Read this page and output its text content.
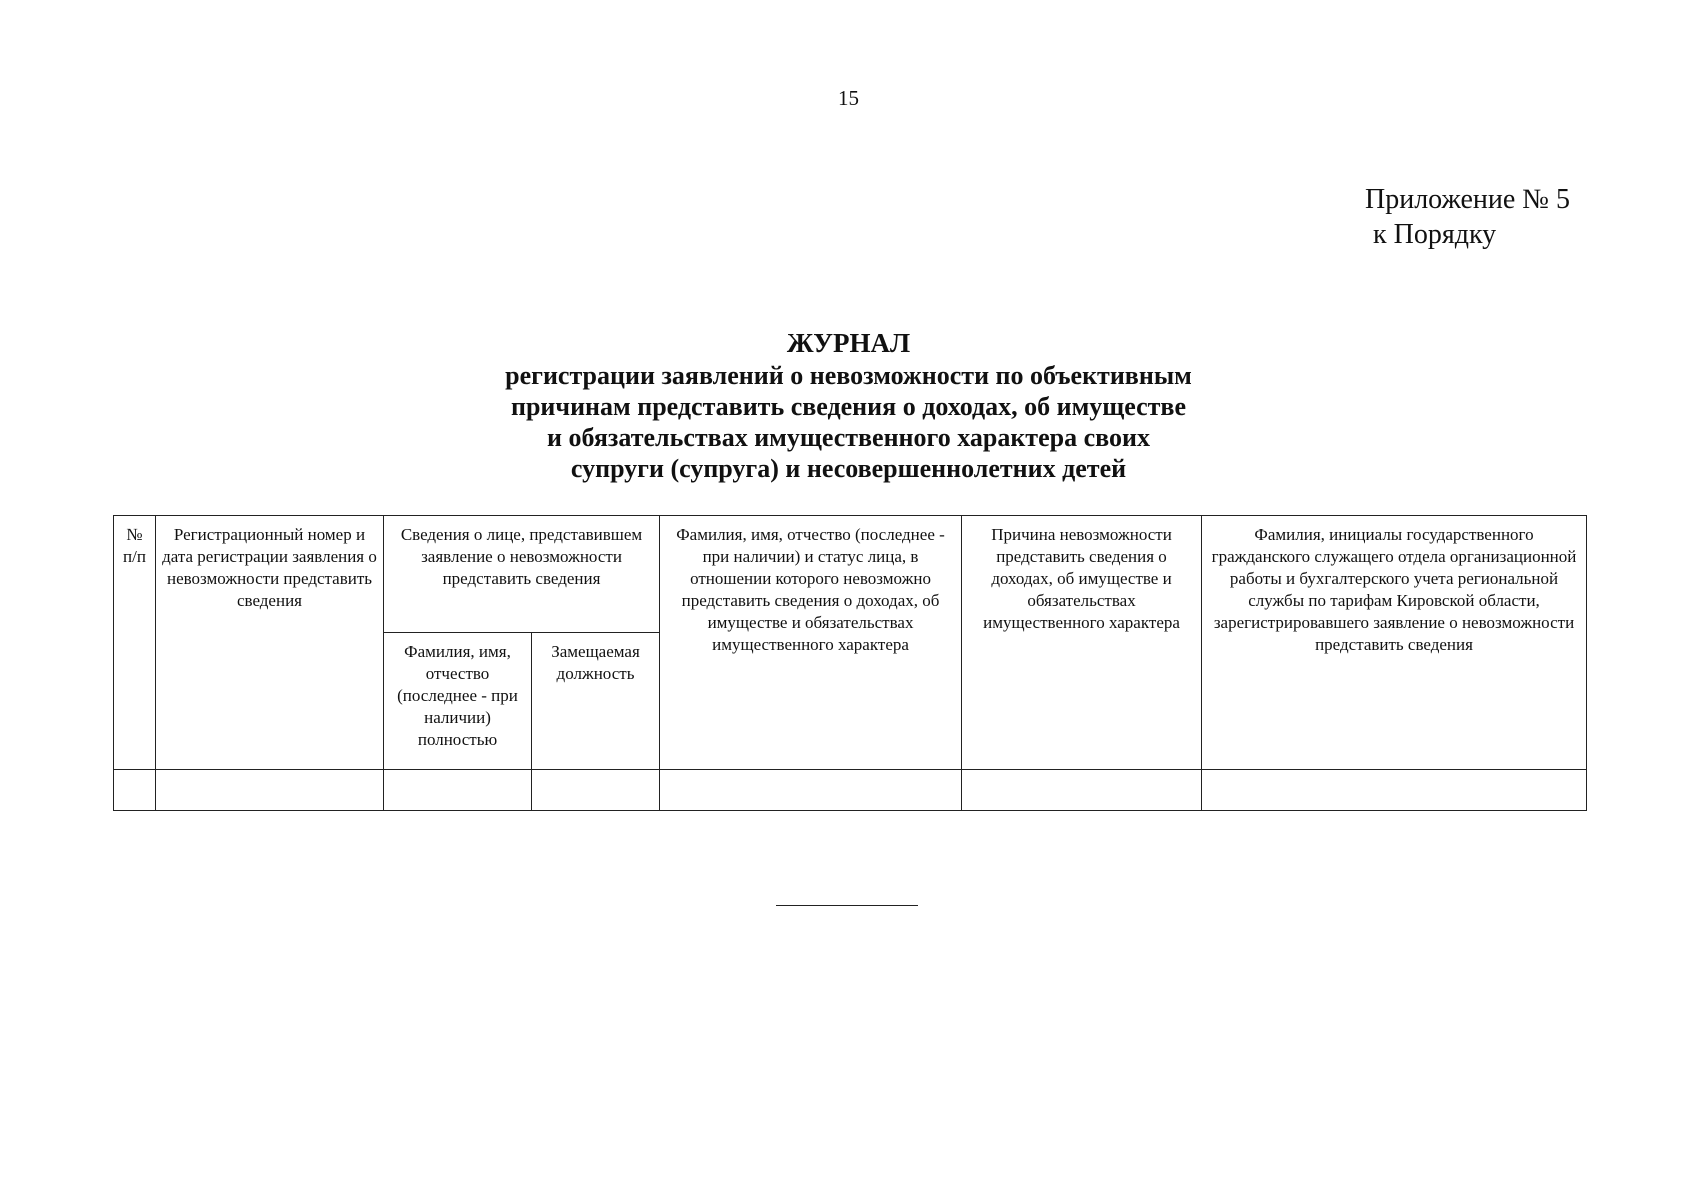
15
Приложение № 5
к Порядку
ЖУРНАЛ

регистрации заявлений о невозможности по объективным

причинам представить сведения о доходах, об имуществе

и обязательствах имущественного характера своих

супруги (супруга) и несовершеннолетних детей

№ п/п	Регистрационный номер и дата регистрации заявления о невозможности представить сведения	Сведения о лице, представившем заявление о невозможности представить сведения		Фамилия, имя, отчество (последнее - при наличии) и статус лица, в отношении которого невозможно представить сведения о доходах, об имуществе и обязательствах имущественного характера	Причина невозможности представить сведения о доходах, об имуществе и обязательствах имущественного характера	Фамилия, инициалы государственного гражданского служащего отдела организационной работы и бухгалтерского учета региональной службы по тарифам Кировской области, зарегистрировавшего заявление о невозможности представить сведения
		Фамилия, имя, отчество (последнее - при наличии) полностью	Замещаемая должность			
